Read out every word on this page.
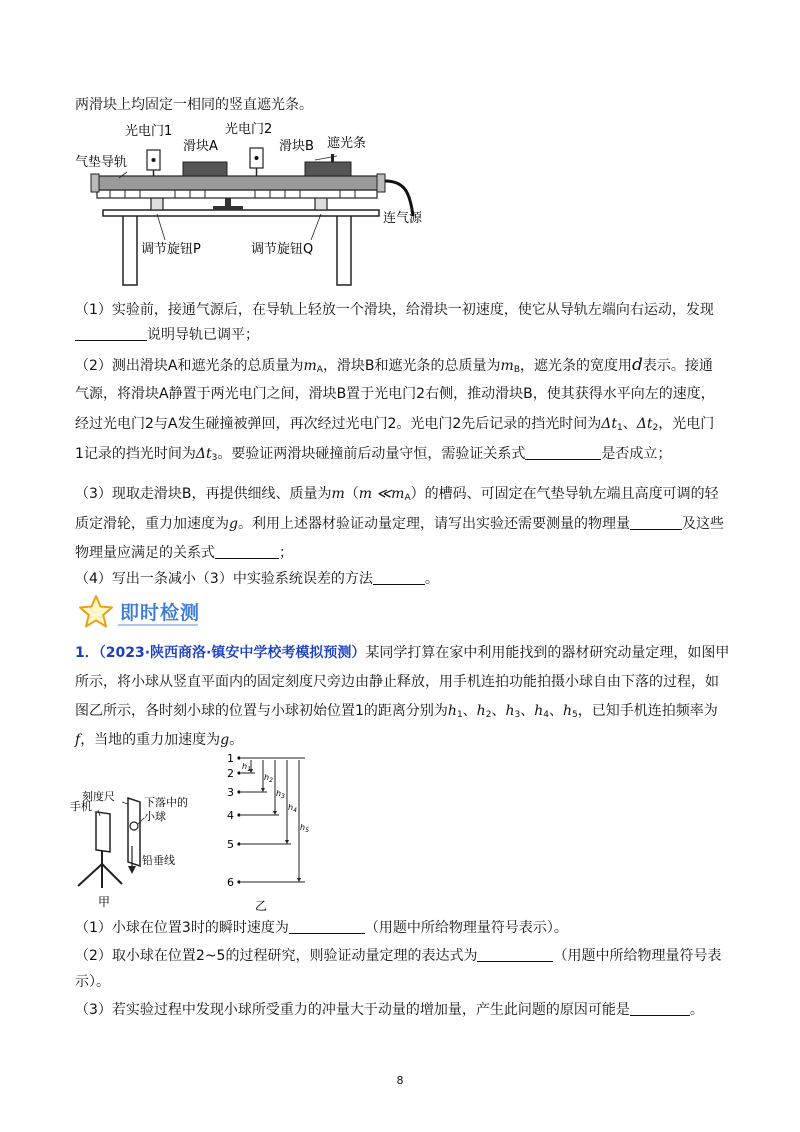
两滑块上均固定一相同的竖直遮光条。
光电门1	光电门2
滑块A	滑块B 遮光条
气垫导轨
连气源
调节旋钮P	调节旋钮Q
（1）实验前，接通气源后，在导轨上轻放一个滑块，给滑块一初速度，使它从导轨左端向右运动，发现
说明导轨已调平；
（2）测出滑块A和遮光条的总质量为$m_A$，滑块B和遮光条的总质量为$m_B$，遮光条的宽度用d表示。接通
气源，将滑块A静置于两光电门之间，滑块B置于光电门2右侧，推动滑块B，使其获得水平向左的速度，
经过光电门2与A发生碰撞被弹回，再次经过光电门2。光电门2先后记录的挡光时间为$\Delta t_1$、$\Delta t_2$，光电门
1记录的挡光时间为$\Delta t_3$。要验证两滑块碰撞前后动量守恒，需验证关系式	是否成立；
（3）现取走滑块B，再提供细线、质量为m（m $≪m_A$）的槽码、可固定在气垫导轨左端且高度可调的轻
质定滑轮，重力加速度为g。利用上述器材验证动量定理，请写出实验还需要测量的物理量	及这些
物理量应满足的关系式	；
（4）写出一条减小（3）中实验系统误差的方法	。
即时检测
1．（2023·陕西商洛·镇安中学校考模拟预测）某同学打算在家中利用能找到的器材研究动量定理，如图甲
所示，将小球从竖直平面内的固定刻度尺旁边由静止释放，用手机连拍功能拍摄小球自由下落的过程，如
图乙所示，各时刻小球的位置与小球初始位置1的距离分别为$h_1$、$h_2$、$h_3$、$h_4$、$h_5$，已知手机连拍频率为
f，当地的重力加速度为g。
刻度尺
手机	下落中的
小球
铅垂线
甲
1
2
3
4
5
6
$h_1$
$h_2$
$h_3$
$h_4$
$h_5$
乙
（1）小球在位置3时的瞬时速度为	（用题中所给物理量符号表示）。
（2）取小球在位置2~5的过程研究，则验证动量定理的表达式为	（用题中所给物理量符号表
示）。
（3）若实验过程中发现小球所受重力的冲量大于动量的增加量，产生此问题的原因可能是	。
8
